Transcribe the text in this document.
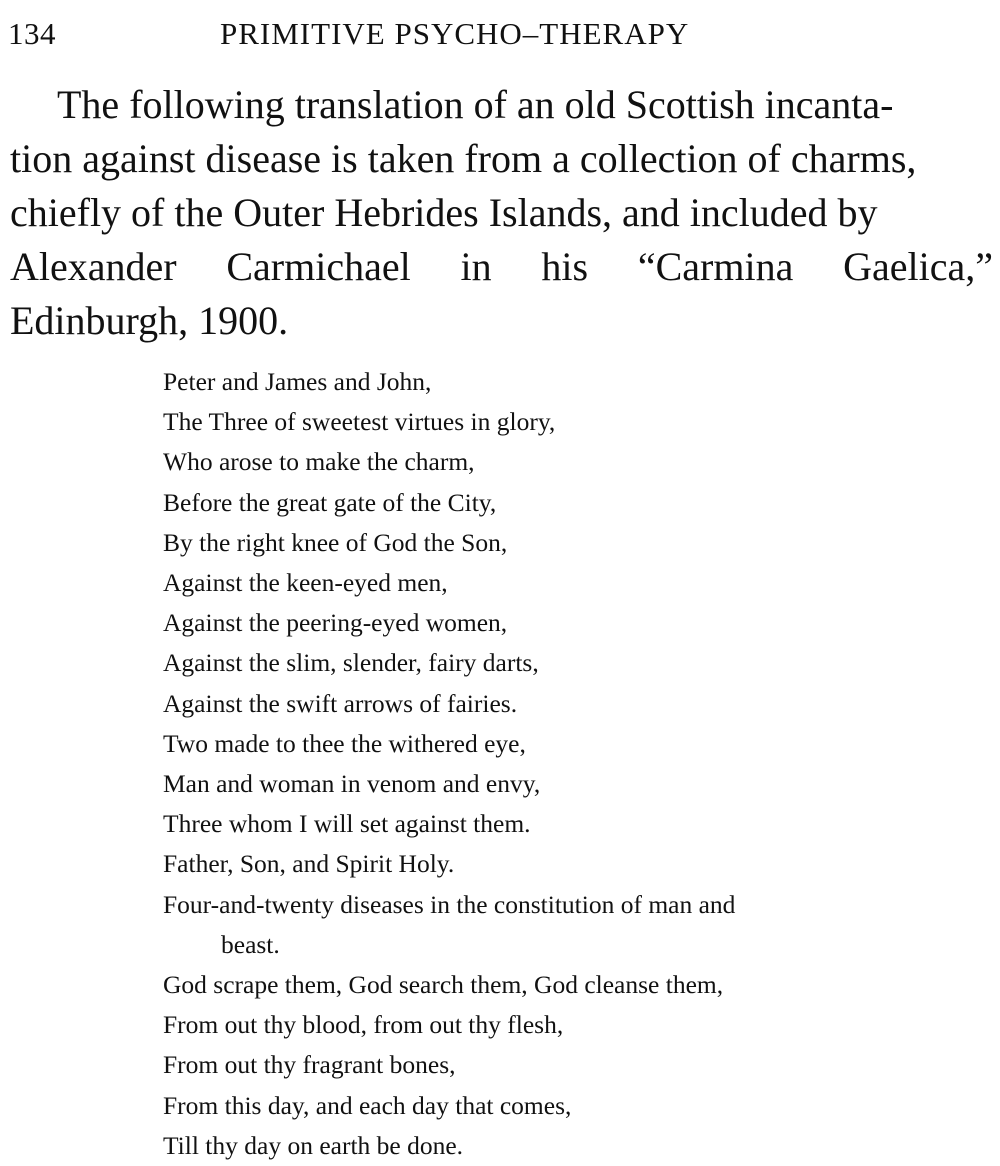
134	PRIMITIVE PSYCHO–THERAPY
The following translation of an old Scottish incanta-
tion against disease is taken from a collection of charms,
chiefly of the Outer Hebrides Islands, and included by
Alexander Carmichael in his “Carmina Gaelica,”
Edinburgh, 1900.
Peter and James and John,
The Three of sweetest virtues in glory,
Who arose to make the charm,
Before the great gate of the City,
By the right knee of God the Son,
Against the keen-eyed men,
Against the peering-eyed women,
Against the slim, slender, fairy darts,
Against the swift arrows of fairies.
Two made to thee the withered eye,
Man and woman in venom and envy,
Three whom I will set against them.
Father, Son, and Spirit Holy.
Four-and-twenty diseases in the constitution of man and
beast.
God scrape them, God search them, God cleanse them,
From out thy blood, from out thy flesh,
From out thy fragrant bones,
From this day, and each day that comes,
Till thy day on earth be done.
